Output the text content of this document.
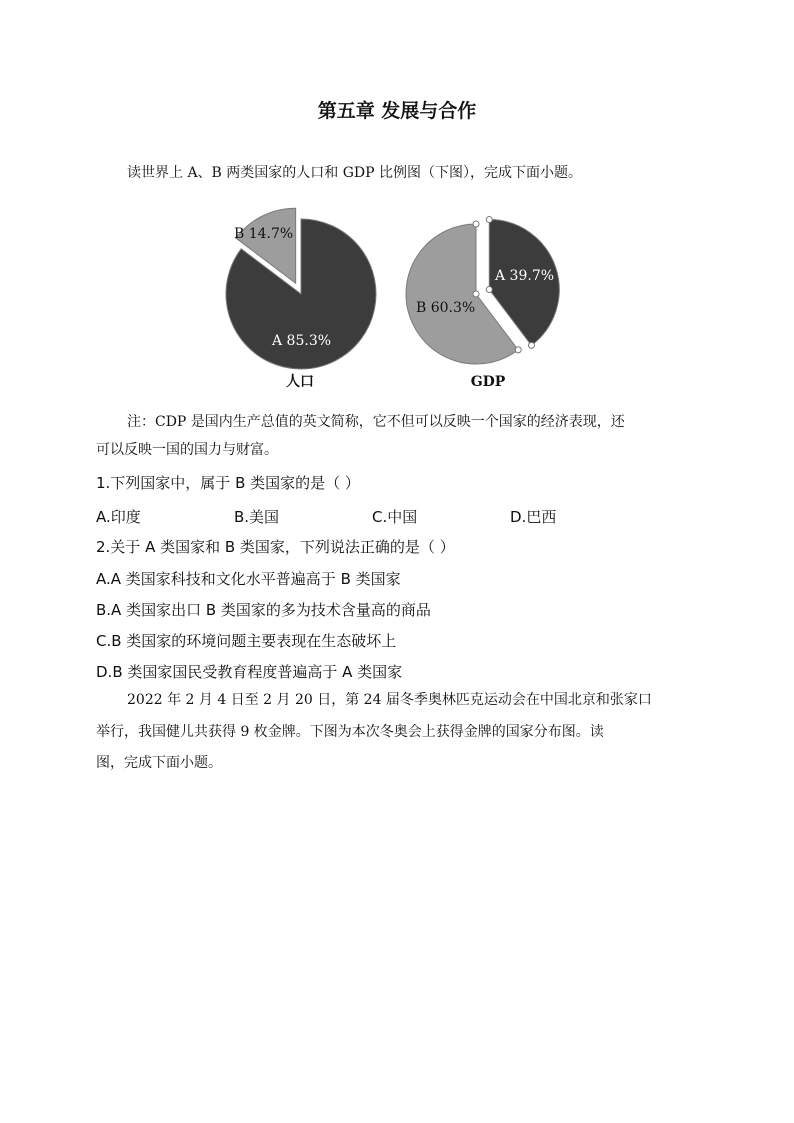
第五章 发展与合作
读世界上 A、B 两类国家的人口和 GDP 比例图（下图），完成下面小题。
B 14.7%
A 85.3%
人口
A 39.7%
B 60.3%
GDP
注：CDP 是国内生产总值的英文简称，它不但可以反映一个国家的经济表现，还
可以反映一国的国力与财富。
1.下列国家中，属于 B 类国家的是（ ）
A.印度	B.美国	C.中国	D.巴西
2.关于 A 类国家和 B 类国家，下列说法正确的是（ ）
A.A 类国家科技和文化水平普遍高于 B 类国家
B.A 类国家出口 B 类国家的多为技术含量高的商品
C.B 类国家的环境问题主要表现在生态破坏上
D.B 类国家国民受教育程度普遍高于 A 类国家
2022 年 2 月 4 日至 2 月 20 日，第 24 届冬季奥林匹克运动会在中国北京和张家口
举行，我国健儿共获得 9 枚金牌。下图为本次冬奥会上获得金牌的国家分布图。读
图，完成下面小题。
